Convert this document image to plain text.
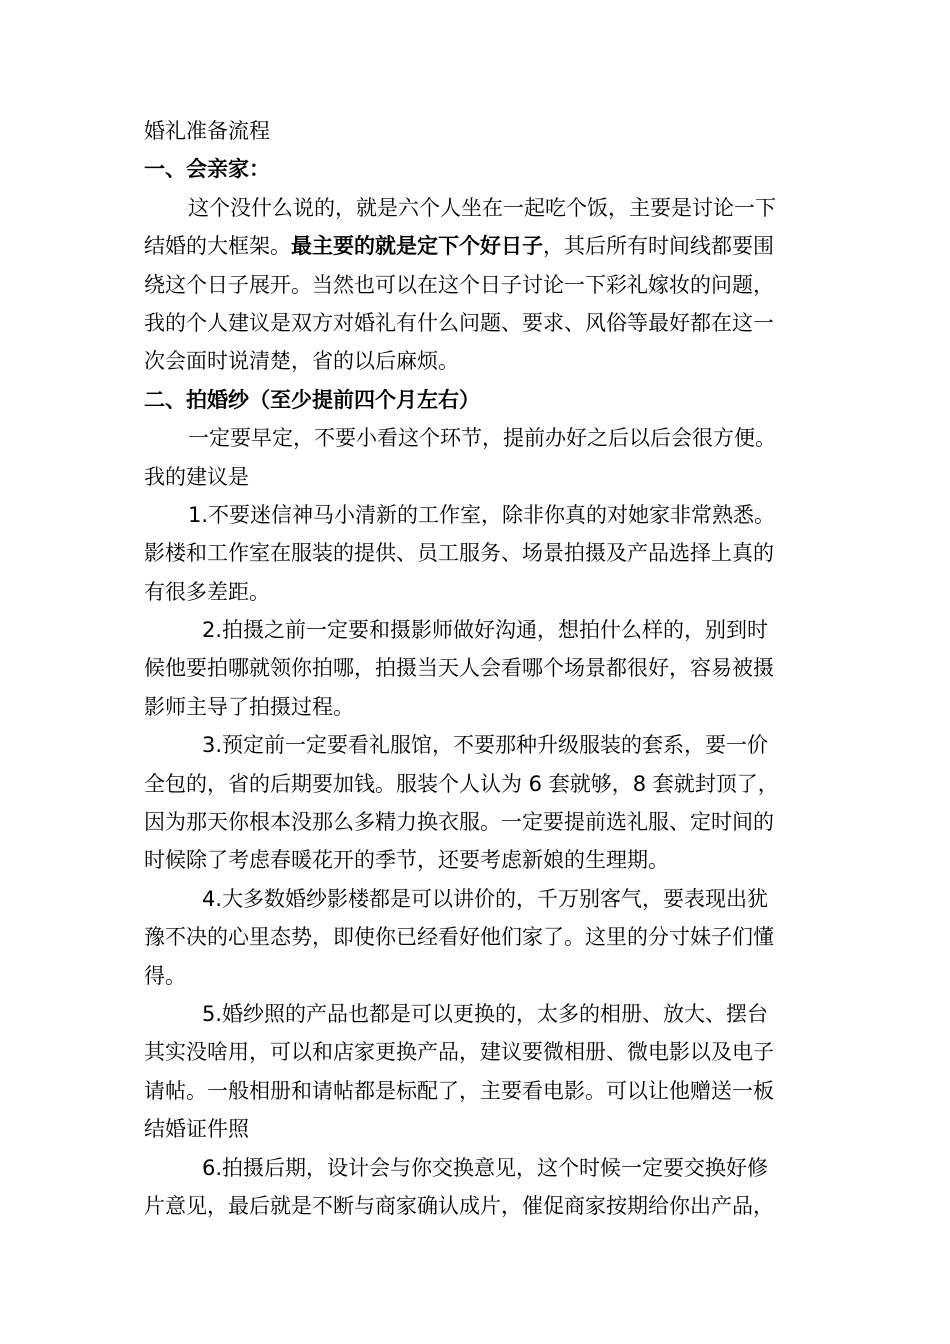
婚礼准备流程
一、会亲家：
这个没什么说的，就是六个人坐在一起吃个饭，主要是讨论一下
结婚的大框架。最主要的就是定下个好日子，其后所有时间线都要围
绕这个日子展开。当然也可以在这个日子讨论一下彩礼嫁妆的问题，
我的个人建议是双方对婚礼有什么问题、要求、风俗等最好都在这一
次会面时说清楚，省的以后麻烦。
二、拍婚纱（至少提前四个月左右）
一定要早定，不要小看这个环节，提前办好之后以后会很方便。
我的建议是
1.不要迷信神马小清新的工作室，除非你真的对她家非常熟悉。
影楼和工作室在服装的提供、员工服务、场景拍摄及产品选择上真的
有很多差距。
2.拍摄之前一定要和摄影师做好沟通，想拍什么样的，别到时
候他要拍哪就领你拍哪，拍摄当天人会看哪个场景都很好，容易被摄
影师主导了拍摄过程。
3.预定前一定要看礼服馆，不要那种升级服装的套系，要一价
全包的，省的后期要加钱。服装个人认为 6 套就够，8 套就封顶了，
因为那天你根本没那么多精力换衣服。一定要提前选礼服、定时间的
时候除了考虑春暖花开的季节，还要考虑新娘的生理期。
4.大多数婚纱影楼都是可以讲价的，千万别客气，要表现出犹
豫不决的心里态势，即使你已经看好他们家了。这里的分寸妹子们懂
得。
5.婚纱照的产品也都是可以更换的，太多的相册、放大、摆台
其实没啥用，可以和店家更换产品，建议要微相册、微电影以及电子
请帖。一般相册和请帖都是标配了，主要看电影。可以让他赠送一板
结婚证件照
6.拍摄后期，设计会与你交换意见，这个时候一定要交换好修
片意见，最后就是不断与商家确认成片，催促商家按期给你出产品，
